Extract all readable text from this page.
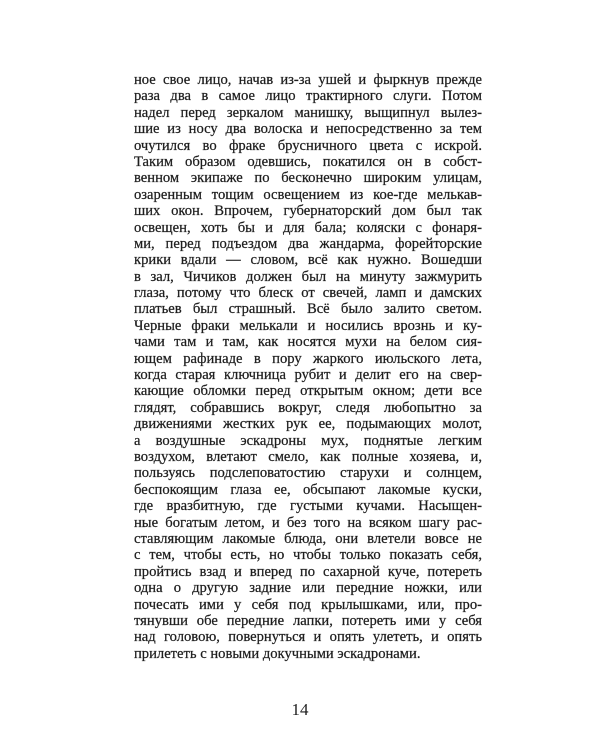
ное свое лицо, начав из-за ушей и фыркнув прежде
раза два в самое лицо трактирного слуги. Потом
надел перед зеркалом манишку, выщипнул вылез-
шие из носу два волоска и непосредственно за тем
очутился во фраке брусничного цвета с искрой.
Таким образом одевшись, покатился он в собст-
венном экипаже по бесконечно широким улицам,
озаренным тощим освещением из кое-где мелькав-
ших окон. Впрочем, губернаторский дом был так
освещен, хоть бы и для бала; коляски с фонаря-
ми, перед подъездом два жандарма, форейторские
крики вдали — словом, всё как нужно. Вошедши
в зал, Чичиков должен был на минуту зажмурить
глаза, потому что блеск от свечей, ламп и дамских
платьев был страшный. Всё было залито светом.
Черные фраки мелькали и носились врознь и ку-
чами там и там, как носятся мухи на белом сия-
ющем рафинаде в пору жаркого июльского лета,
когда старая ключница рубит и делит его на свер-
кающие обломки перед открытым окном; дети все
глядят, собравшись вокруг, следя любопытно за
движениями жестких рук ее, подымающих молот,
а воздушные эскадроны мух, поднятые легким
воздухом, влетают смело, как полные хозяева, и,
пользуясь подслеповатостию старухи и солнцем,
беспокоящим глаза ее, обсыпают лакомые куски,
где вразбитную, где густыми кучами. Насыщен-
ные богатым летом, и без того на всяком шагу рас-
ставляющим лакомые блюда, они влетели вовсе не
с тем, чтобы есть, но чтобы только показать себя,
пройтись взад и вперед по сахарной куче, потереть
одна о другую задние или передние ножки, или
почесать ими у себя под крылышками, или, про-
тянувши обе передние лапки, потереть ими у себя
над головою, повернуться и опять улететь, и опять
прилететь с новыми докучными эскадронами.
14
